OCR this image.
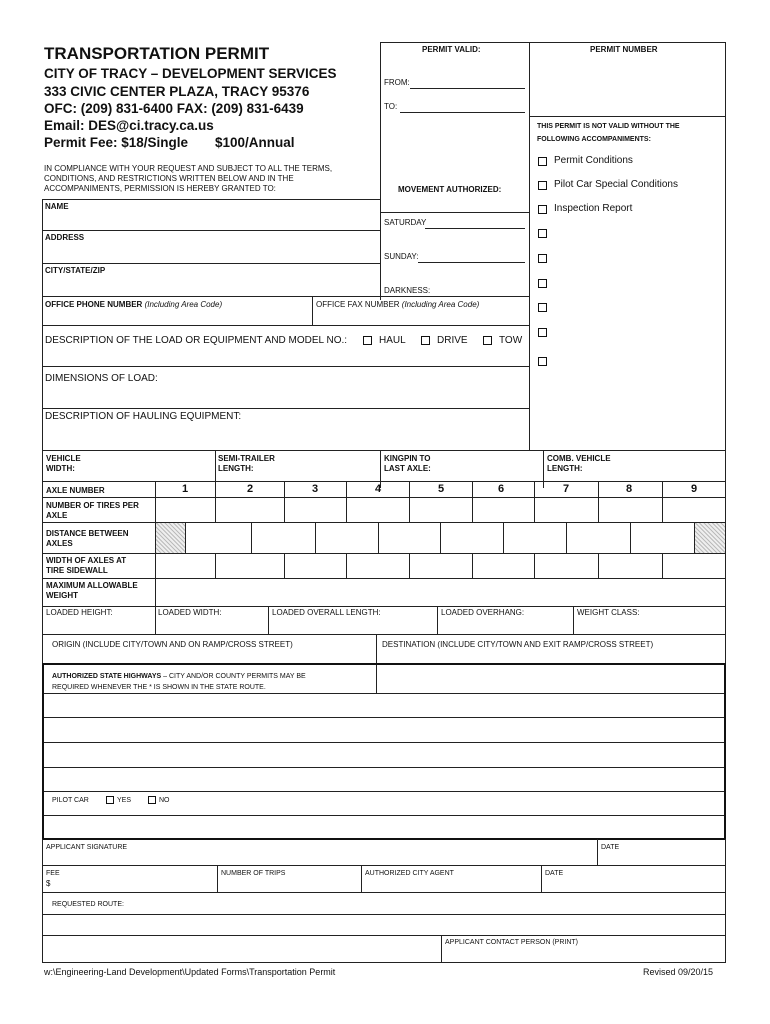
TRANSPORTATION PERMIT
CITY OF TRACY – DEVELOPMENT SERVICES
333 CIVIC CENTER PLAZA, TRACY 95376
OFC: (209) 831-6400 FAX: (209) 831-6439
Email: DES@ci.tracy.ca.us
Permit Fee: $18/Single $100/Annual
IN COMPLIANCE WITH YOUR REQUEST AND SUBJECT TO ALL THE TERMS,
CONDITIONS, AND RESTRICTIONS WRITTEN BELOW AND IN THE
ACCOMPANIMENTS, PERMISSION IS HEREBY GRANTED TO:
PERMIT VALID:	PERMIT NUMBER
FROM:
TO:
THIS PERMIT IS NOT VALID WITHOUT THE
FOLLOWING ACCOMPANIMENTS:
MOVEMENT AUTHORIZED:
SATURDAY
SUNDAY:
DARKNESS:
Permit Conditions
Pilot Car Special Conditions
Inspection Report
NAME
ADDRESS
CITY/STATE/ZIP
OFFICE PHONE NUMBER (Including Area Code)	OFFICE FAX NUMBER (Including Area Code)
DESCRIPTION OF THE LOAD OR EQUIPMENT AND MODEL NO.:	HAUL	DRIVE	TOW
DIMENSIONS OF LOAD:
DESCRIPTION OF HAULING EQUIPMENT:
VEHICLE
WIDTH:
SEMI-TRAILER
LENGTH:
KINGPIN TO
LAST AXLE:
COMB. VEHICLE
LENGTH:
AXLE NUMBER	1	2	3	4	5	6	7	8	9
NUMBER OF TIRES PER
AXLE
DISTANCE BETWEEN
AXLES
WIDTH OF AXLES AT
TIRE SIDEWALL
MAXIMUM ALLOWABLE
WEIGHT
LOADED HEIGHT:	LOADED WIDTH:	LOADED OVERALL LENGTH:	LOADED OVERHANG:	WEIGHT CLASS:
ORIGIN (INCLUDE CITY/TOWN AND ON RAMP/CROSS STREET)	DESTINATION (INCLUDE CITY/TOWN AND EXIT RAMP/CROSS STREET)
AUTHORIZED STATE HIGHWAYS – CITY AND/OR COUNTY PERMITS MAY BE
REQUIRED WHENEVER THE * IS SHOWN IN THE STATE ROUTE.
PILOT CAR	YES	NO
APPLICANT SIGNATURE	DATE
FEE
$
NUMBER OF TRIPS	AUTHORIZED CITY AGENT	DATE
REQUESTED ROUTE:
APPLICANT CONTACT PERSON (PRINT)
w:\Engineering-Land Development\Updated Forms\Transportation Permit	Revised 09/20/15
